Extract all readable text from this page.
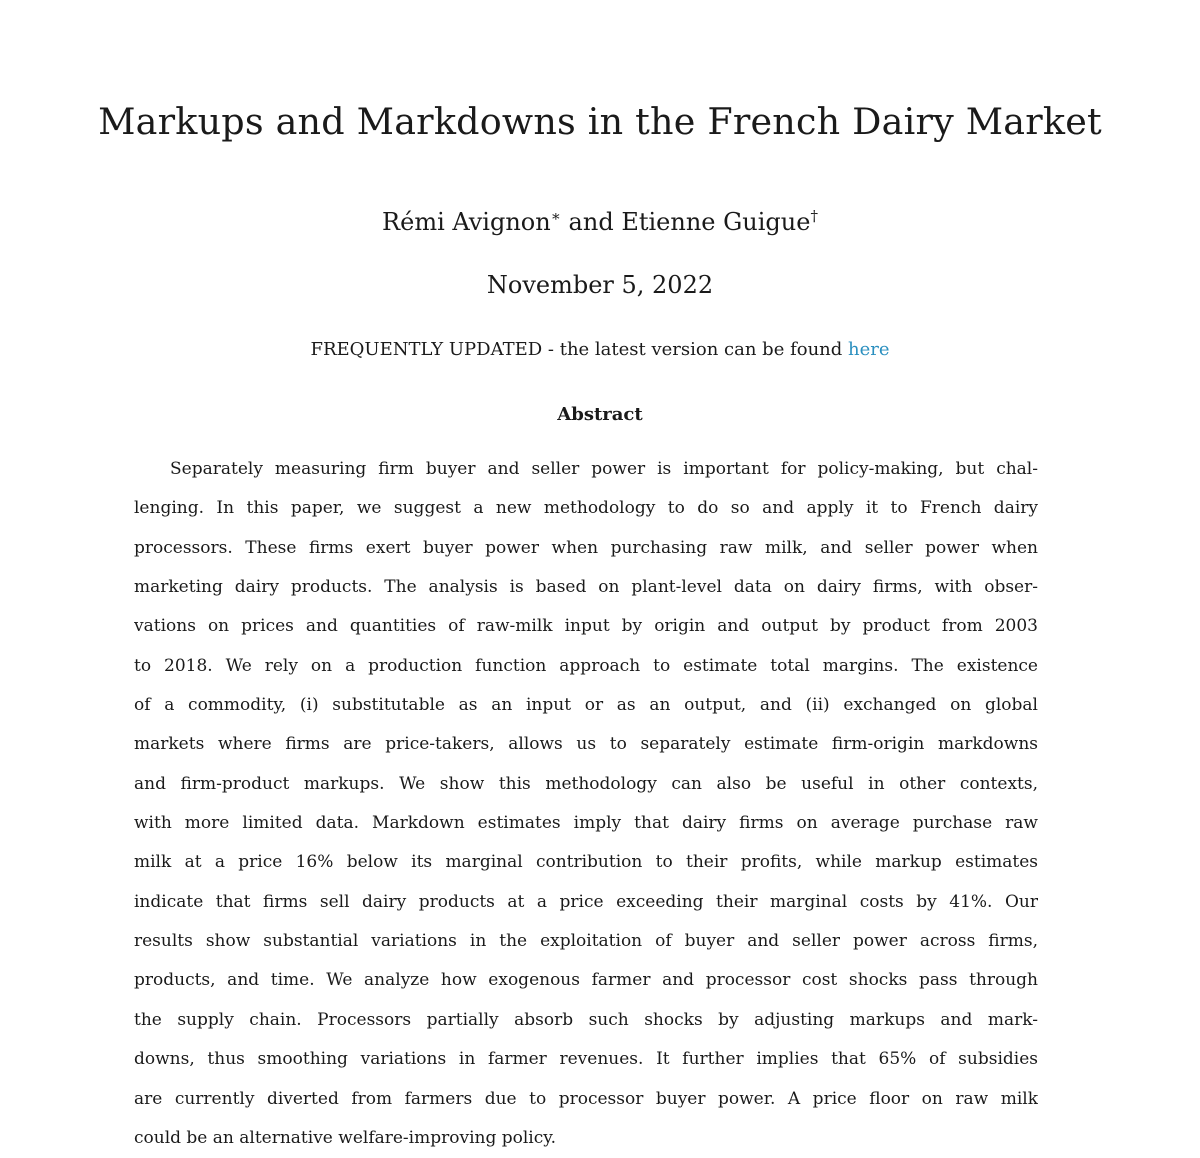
Markups and Markdowns in the French Dairy Market
Rémi Avignon∗ and Etienne Guigue†
November 5, 2022
FREQUENTLY UPDATED - the latest version can be found here
Abstract
Separately measuring firm buyer and seller power is important for policy-making, but chal-
lenging. In this paper, we suggest a new methodology to do so and apply it to French dairy
processors. These firms exert buyer power when purchasing raw milk, and seller power when
marketing dairy products. The analysis is based on plant-level data on dairy firms, with obser-
vations on prices and quantities of raw-milk input by origin and output by product from 2003
to 2018. We rely on a production function approach to estimate total margins. The existence
of a commodity, (i) substitutable as an input or as an output, and (ii) exchanged on global
markets where firms are price-takers, allows us to separately estimate firm-origin markdowns
and firm-product markups. We show this methodology can also be useful in other contexts,
with more limited data. Markdown estimates imply that dairy firms on average purchase raw
milk at a price 16% below its marginal contribution to their profits, while markup estimates
indicate that firms sell dairy products at a price exceeding their marginal costs by 41%. Our
results show substantial variations in the exploitation of buyer and seller power across firms,
products, and time. We analyze how exogenous farmer and processor cost shocks pass through
the supply chain. Processors partially absorb such shocks by adjusting markups and mark-
downs, thus smoothing variations in farmer revenues. It further implies that 65% of subsidies
are currently diverted from farmers due to processor buyer power. A price floor on raw milk
could be an alternative welfare-improving policy.
